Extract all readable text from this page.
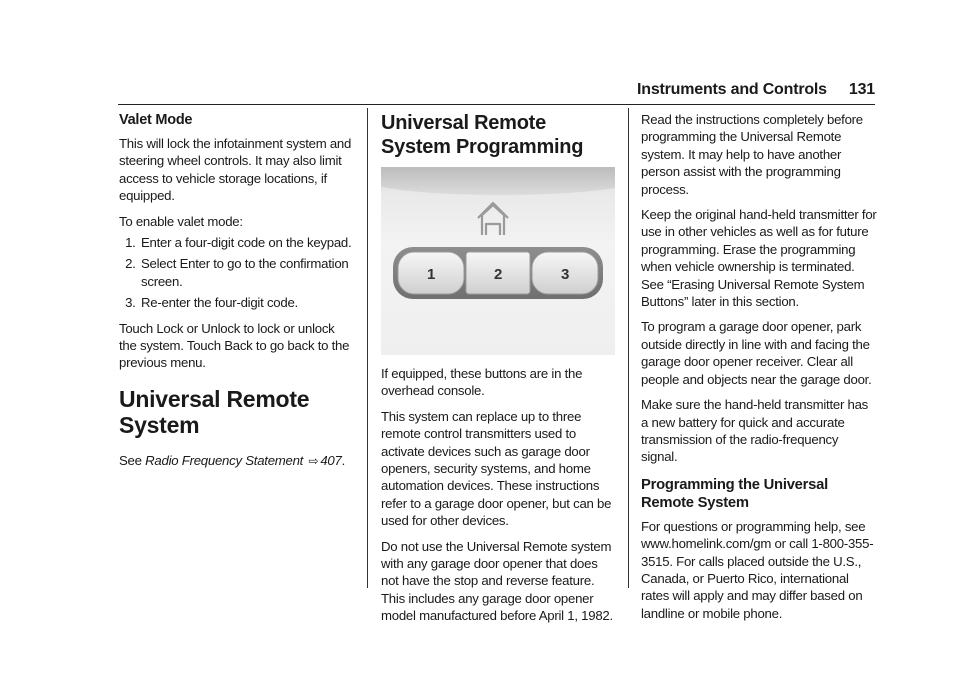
Instruments and Controls 131
Valet Mode

This will lock the infotainment system and steering wheel controls. It may also limit access to vehicle storage locations, if equipped.

To enable valet mode:

1. Enter a four-digit code on the keypad.
2. Select Enter to go to the confirmation screen.
3. Re-enter the four-digit code.

Touch Lock or Unlock to lock or unlock the system. Touch Back to go back to the previous menu.

Universal Remote System

See Radio Frequency Statement ⇨ 407.

Universal Remote System Programming
1	2	3

If equipped, these buttons are in the overhead console.

This system can replace up to three remote control transmitters used to activate devices such as garage door openers, security systems, and home automation devices. These instructions refer to a garage door opener, but can be used for other devices.

Do not use the Universal Remote system with any garage door opener that does not have the stop and reverse feature. This includes any garage door opener model manufactured before April 1, 1982.

Read the instructions completely before programming the Universal Remote system. It may help to have another person assist with the programming process.

Keep the original hand-held transmitter for use in other vehicles as well as for future programming. Erase the programming when vehicle ownership is terminated. See “Erasing Universal Remote System Buttons” later in this section.

To program a garage door opener, park outside directly in line with and facing the garage door opener receiver. Clear all people and objects near the garage door.

Make sure the hand-held transmitter has a new battery for quick and accurate transmission of the radio-frequency signal.

Programming the Universal Remote System

For questions or programming help, see www.homelink.com/gm or call 1-800-355-3515. For calls placed outside the U.S., Canada, or Puerto Rico, international rates will apply and may differ based on landline or mobile phone.
